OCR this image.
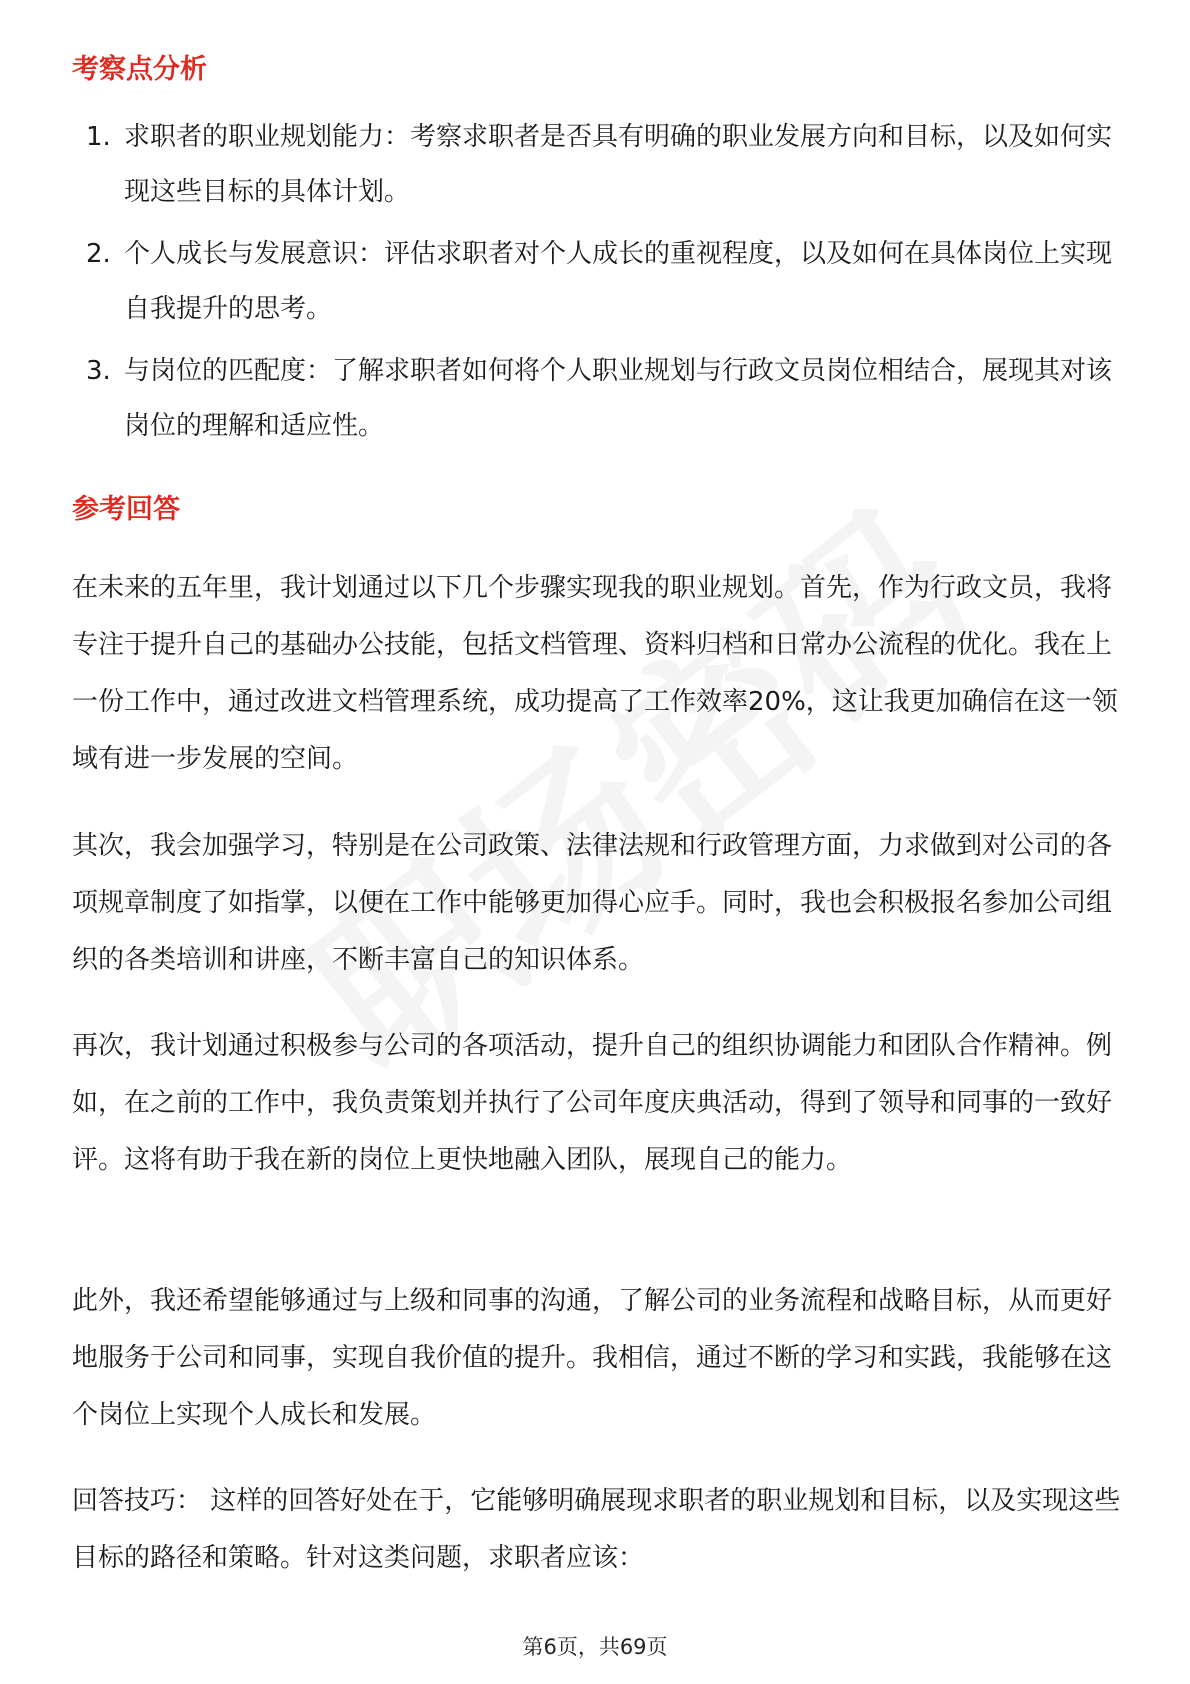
考察点分析
1. 求职者的职业规划能力：考察求职者是否具有明确的职业发展方向和目标，以及如何实现这些目标的具体计划。
2. 个人成长与发展意识：评估求职者对个人成长的重视程度，以及如何在具体岗位上实现自我提升的思考。
3. 与岗位的匹配度：了解求职者如何将个人职业规划与行政文员岗位相结合，展现其对该岗位的理解和适应性。
参考回答

在未来的五年里，我计划通过以下几个步骤实现我的职业规划。首先，作为行政文员，我将专注于提升自己的基础办公技能，包括文档管理、资料归档和日常办公流程的优化。我在上一份工作中，通过改进文档管理系统，成功提高了工作效率20%，这让我更加确信在这一领域有进一步发展的空间。

其次，我会加强学习，特别是在公司政策、法律法规和行政管理方面，力求做到对公司的各项规章制度了如指掌，以便在工作中能够更加得心应手。同时，我也会积极报名参加公司组织的各类培训和讲座，不断丰富自己的知识体系。

再次，我计划通过积极参与公司的各项活动，提升自己的组织协调能力和团队合作精神。例如，在之前的工作中，我负责策划并执行了公司年度庆典活动，得到了领导和同事的一致好评。这将有助于我在新的岗位上更快地融入团队，展现自己的能力。

此外，我还希望能够通过与上级和同事的沟通，了解公司的业务流程和战略目标，从而更好地服务于公司和同事，实现自我价值的提升。我相信，通过不断的学习和实践，我能够在这个岗位上实现个人成长和发展。

回答技巧： 这样的回答好处在于，它能够明确展现求职者的职业规划和目标，以及实现这些目标的路径和策略。针对这类问题，求职者应该：

第6页，共69页
